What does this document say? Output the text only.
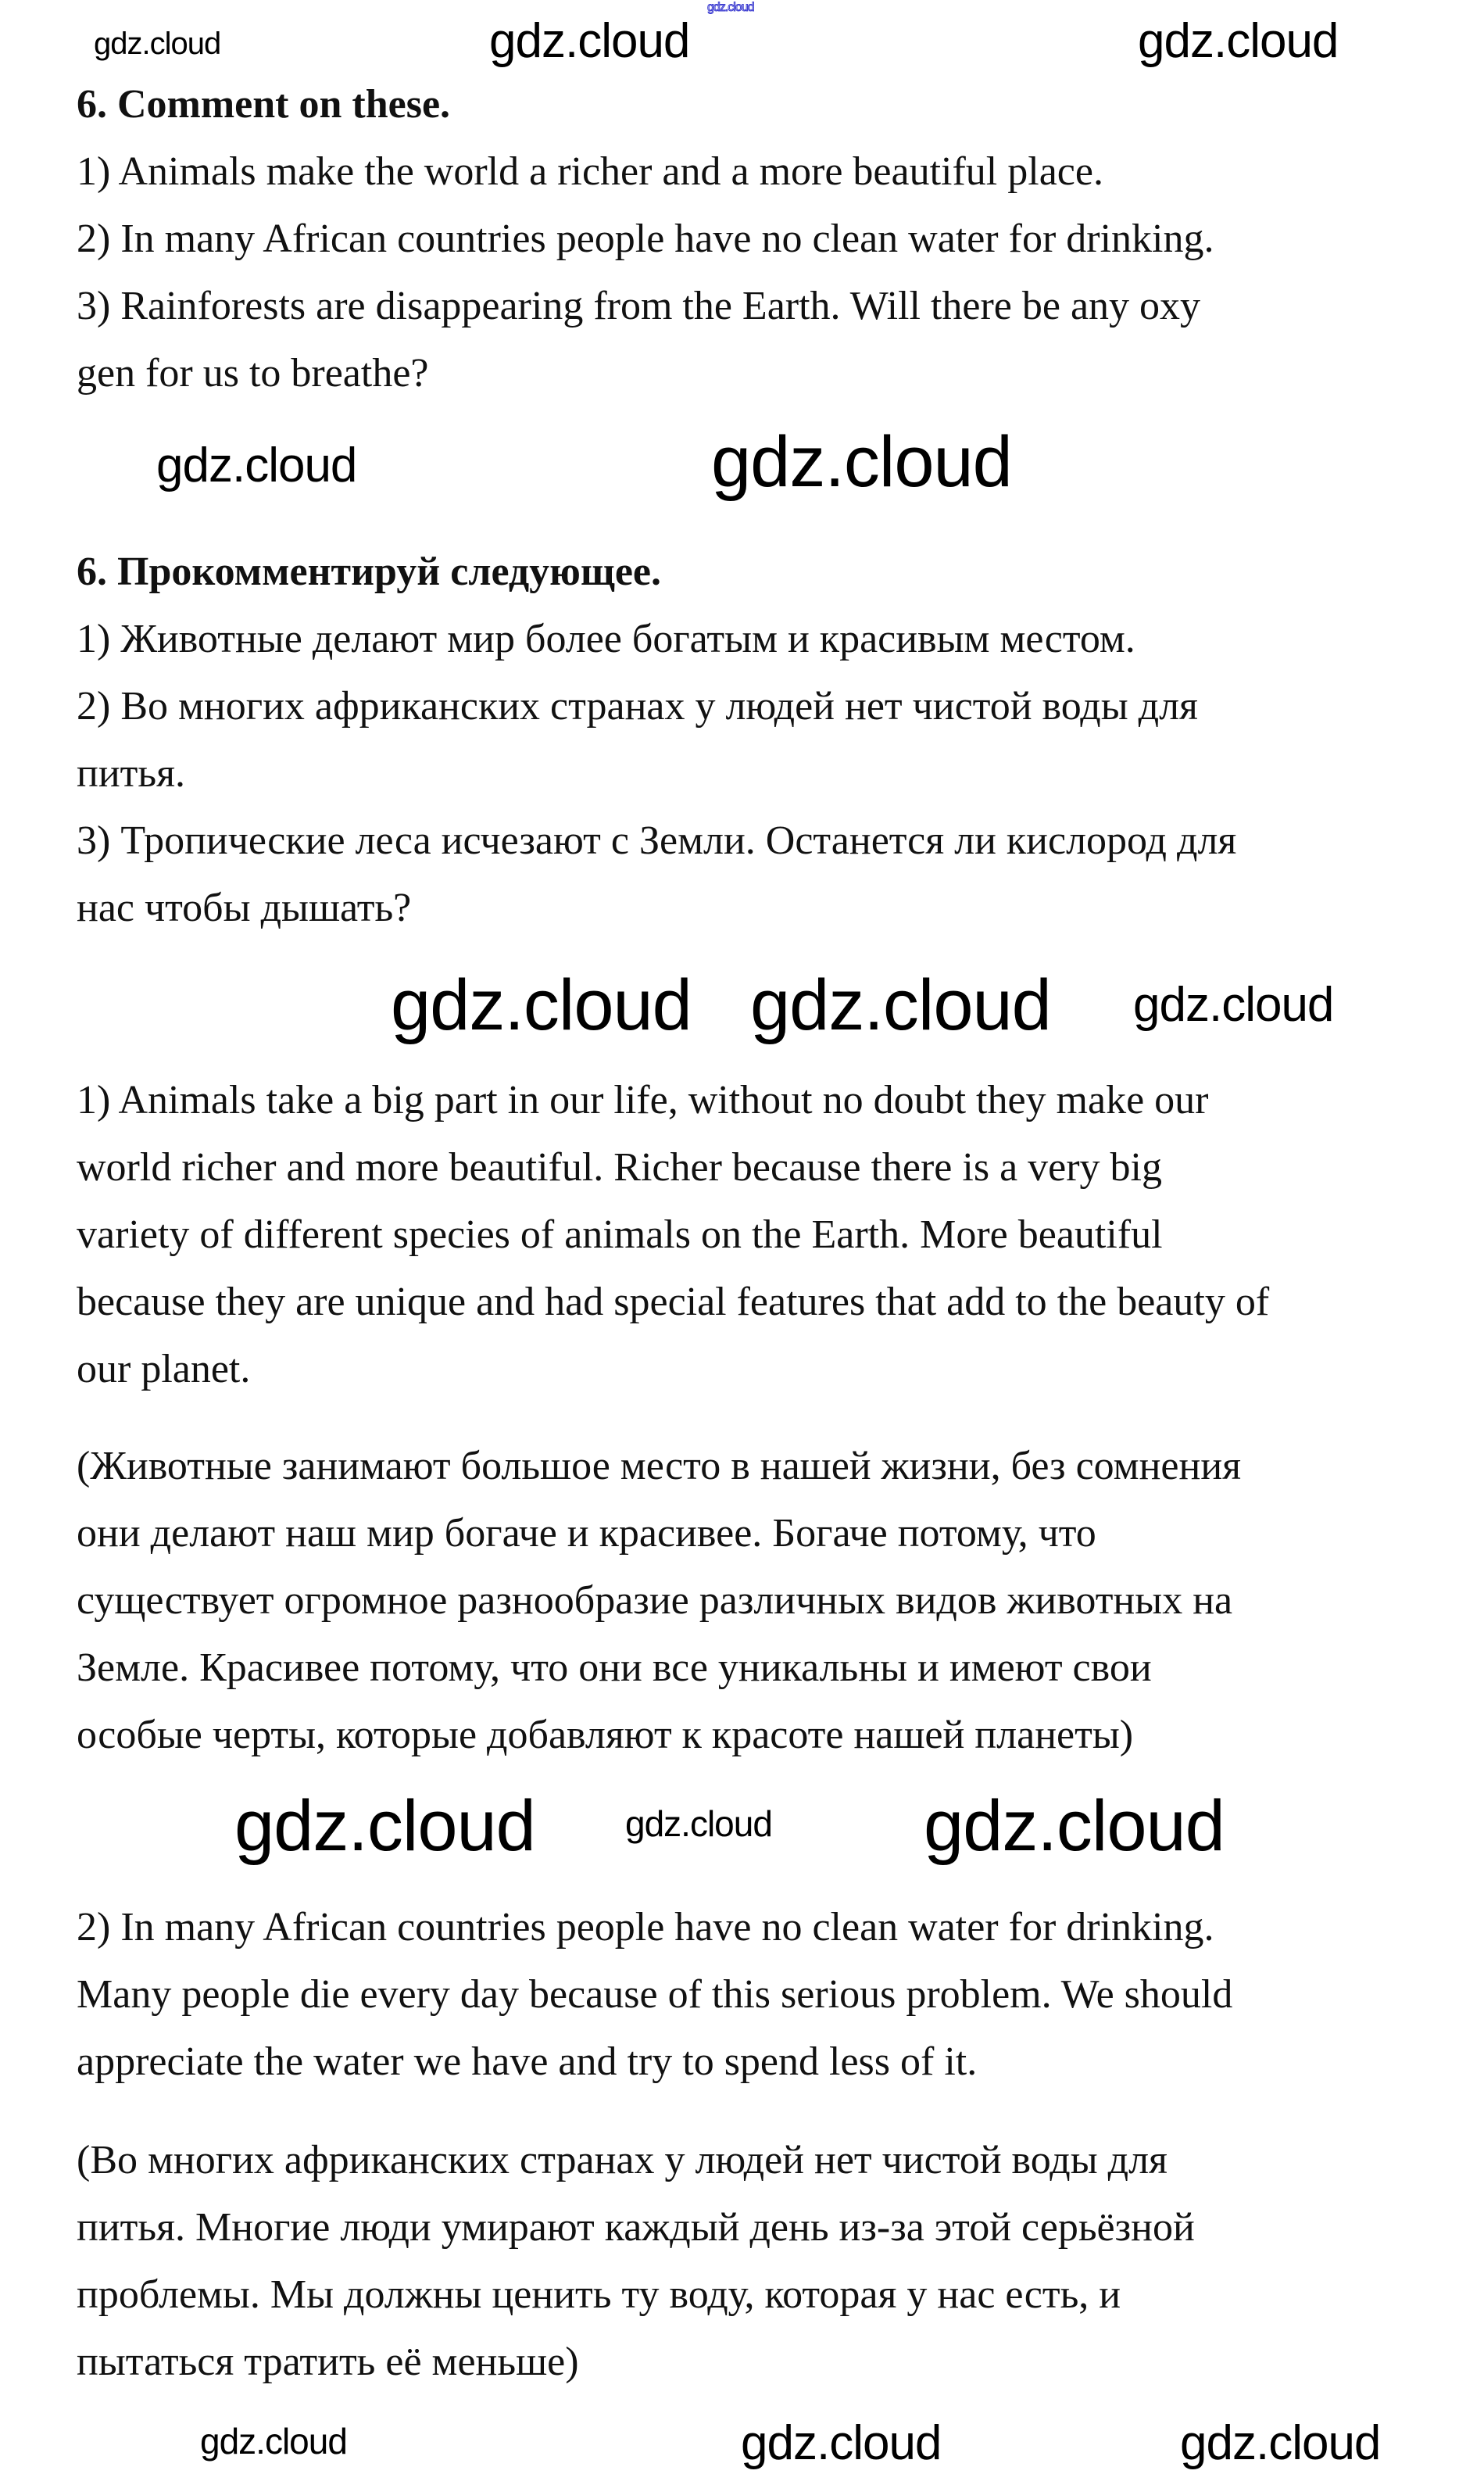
6. Comment on these.
1) Animals make the world a richer and a more beautiful place.
2) In many African countries people have no clean water for drinking.
3) Rainforests are disappearing from the Earth. Will there be any oxy
gen for us to breathe?
6. Прокомментируй следующее.
1) Животные делают мир более богатым и красивым местом.
2) Во многих африканских странах у людей нет чистой воды для
питья.
3) Тропические леса исчезают с Земли. Останется ли кислород для
нас чтобы дышать?
1) Animals take a big part in our life, without no doubt they make our
world richer and more beautiful. Richer because there is a very big
variety of different species of animals on the Earth. More beautiful
because they are unique and had special features that add to the beauty of
our planet.
(Животные занимают большое место в нашей жизни, без сомнения
они делают наш мир богаче и красивее. Богаче потому, что
существует огромное разнообразие различных видов животных на
Земле. Красивее потому, что они все уникальны и имеют свои
особые черты, которые добавляют к красоте нашей планеты)
2) In many African countries people have no clean water for drinking.
Many people die every day because of this serious problem. We should
appreciate the water we have and try to spend less of it.
(Во многих африканских странах у людей нет чистой воды для
питья. Многие люди умирают каждый день из-за этой серьёзной
проблемы. Мы должны ценить ту воду, которая у нас есть, и
пытаться тратить её меньше)
gdz.cloud
gdz.cloud	gdz.cloud	gdz.cloud
gdz.cloud	gdz.cloud
gdz.cloud	gdz.cloud
gdz.cloud
gdz.cloud
gdz.cloud	gdz.cloud
gdz.cloud	gdz.cloud	gdz.cloud
